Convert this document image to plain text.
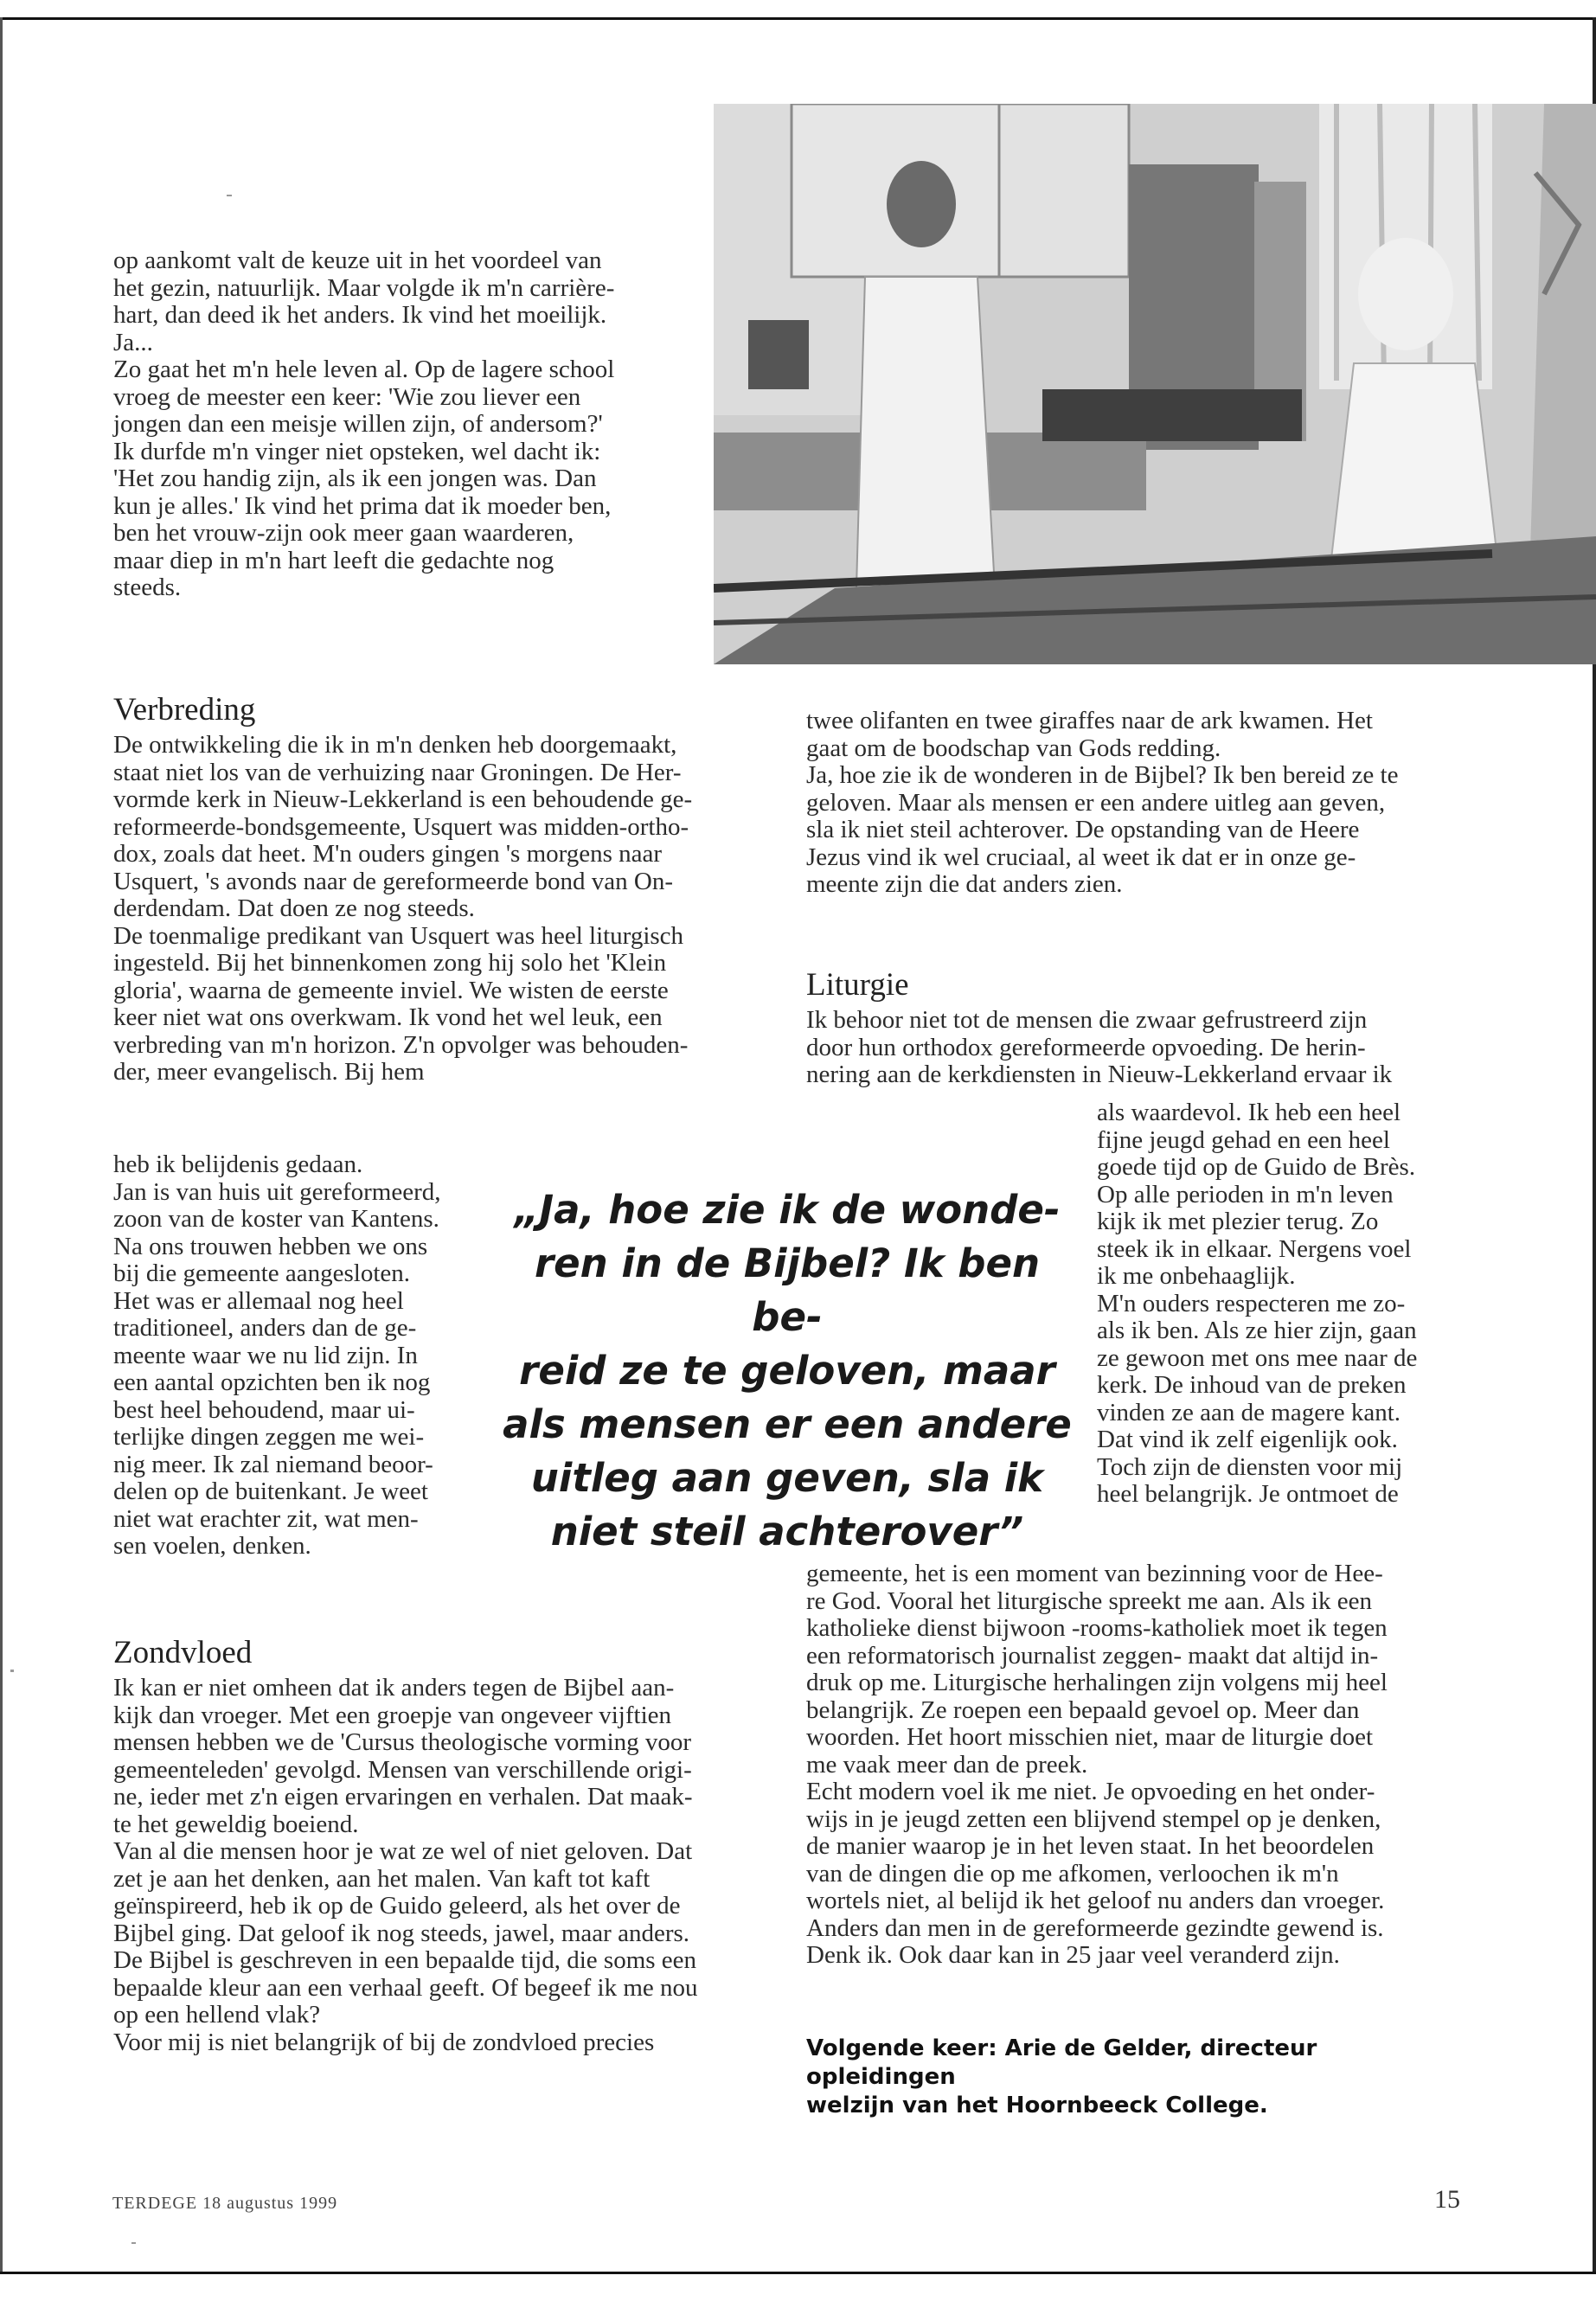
op aankomt valt de keuze uit in het voordeel van

het gezin, natuurlijk. Maar volgde ik m'n carrière-

hart, dan deed ik het anders. Ik vind het moeilijk.

Ja...

Zo gaat het m'n hele leven al. Op de lagere school

vroeg de meester een keer: 'Wie zou liever een

jongen dan een meisje willen zijn, of andersom?'

Ik durfde m'n vinger niet opsteken, wel dacht ik:

'Het zou handig zijn, als ik een jongen was. Dan

kun je alles.' Ik vind het prima dat ik moeder ben,

ben het vrouw-zijn ook meer gaan waarderen,

maar diep in m'n hart leeft die gedachte nog

steeds.

Verbreding

De ontwikkeling die ik in m'n denken heb doorgemaakt,

staat niet los van de verhuizing naar Groningen. De Her-

vormde kerk in Nieuw-Lekkerland is een behoudende ge-

reformeerde-bondsgemeente, Usquert was midden-ortho-

dox, zoals dat heet. M'n ouders gingen 's morgens naar

Usquert, 's avonds naar de gereformeerde bond van On-

derdendam. Dat doen ze nog steeds.

De toenmalige predikant van Usquert was heel liturgisch

ingesteld. Bij het binnenkomen zong hij solo het 'Klein

gloria', waarna de gemeente inviel. We wisten de eerste

keer niet wat ons overkwam. Ik vond het wel leuk, een

verbreding van m'n horizon. Z'n opvolger was behouden-

der, meer evangelisch. Bij hem

heb ik belijdenis gedaan.

Jan is van huis uit gereformeerd,

zoon van de koster van Kantens.

Na ons trouwen hebben we ons

bij die gemeente aangesloten.

Het was er allemaal nog heel

traditioneel, anders dan de ge-

meente waar we nu lid zijn. In

een aantal opzichten ben ik nog

best heel behoudend, maar ui-

terlijke dingen zeggen me wei-

nig meer. Ik zal niemand beoor-

delen op de buitenkant. Je weet

niet wat erachter zit, wat men-

sen voelen, denken.

Zondvloed

Ik kan er niet omheen dat ik anders tegen de Bijbel aan-

kijk dan vroeger. Met een groepje van ongeveer vijftien

mensen hebben we de 'Cursus theologische vorming voor

gemeenteleden' gevolgd. Mensen van verschillende origi-

ne, ieder met z'n eigen ervaringen en verhalen. Dat maak-

te het geweldig boeiend.

Van al die mensen hoor je wat ze wel of niet geloven. Dat

zet je aan het denken, aan het malen. Van kaft tot kaft

geïnspireerd, heb ik op de Guido geleerd, als het over de

Bijbel ging. Dat geloof ik nog steeds, jawel, maar anders.

De Bijbel is geschreven in een bepaalde tijd, die soms een

bepaalde kleur aan een verhaal geeft. Of begeef ik me nou

op een hellend vlak?

Voor mij is niet belangrijk of bij de zondvloed precies

twee olifanten en twee giraffes naar de ark kwamen. Het

gaat om de boodschap van Gods redding.

Ja, hoe zie ik de wonderen in de Bijbel? Ik ben bereid ze te

geloven. Maar als mensen er een andere uitleg aan geven,

sla ik niet steil achterover. De opstanding van de Heere

Jezus vind ik wel cruciaal, al weet ik dat er in onze ge-

meente zijn die dat anders zien.

Liturgie

Ik behoor niet tot de mensen die zwaar gefrustreerd zijn

door hun orthodox gereformeerde opvoeding. De herin-

nering aan de kerkdiensten in Nieuw-Lekkerland ervaar ik

als waardevol. Ik heb een heel

fijne jeugd gehad en een heel

goede tijd op de Guido de Brès.

Op alle perioden in m'n leven

kijk ik met plezier terug. Zo

steek ik in elkaar. Nergens voel

ik me onbehaaglijk.

M'n ouders respecteren me zo-

als ik ben. Als ze hier zijn, gaan

ze gewoon met ons mee naar de

kerk. De inhoud van de preken

vinden ze aan de magere kant.

Dat vind ik zelf eigenlijk ook.

Toch zijn de diensten voor mij

heel belangrijk. Je ontmoet de

gemeente, het is een moment van bezinning voor de Hee-

re God. Vooral het liturgische spreekt me aan. Als ik een

katholieke dienst bijwoon -rooms-katholiek moet ik tegen

een reformatorisch journalist zeggen- maakt dat altijd in-

druk op me. Liturgische herhalingen zijn volgens mij heel

belangrijk. Ze roepen een bepaald gevoel op. Meer dan

woorden. Het hoort misschien niet, maar de liturgie doet

me vaak meer dan de preek.

Echt modern voel ik me niet. Je opvoeding en het onder-

wijs in je jeugd zetten een blijvend stempel op je denken,

de manier waarop je in het leven staat. In het beoordelen

van de dingen die op me afkomen, verloochen ik m'n

wortels niet, al belijd ik het geloof nu anders dan vroeger.

Anders dan men in de gereformeerde gezindte gewend is.

Denk ik. Ook daar kan in 25 jaar veel veranderd zijn.

„Ja, hoe zie ik de wonde-
ren in de Bijbel? Ik ben be-
reid ze te geloven, maar
als mensen er een andere
uitleg aan geven, sla ik
niet steil achterover”
Volgende keer: Arie de Gelder, directeur opleidingen
welzijn van het Hoornbeeck College.
TERDEGE 18 augustus 1999	15
